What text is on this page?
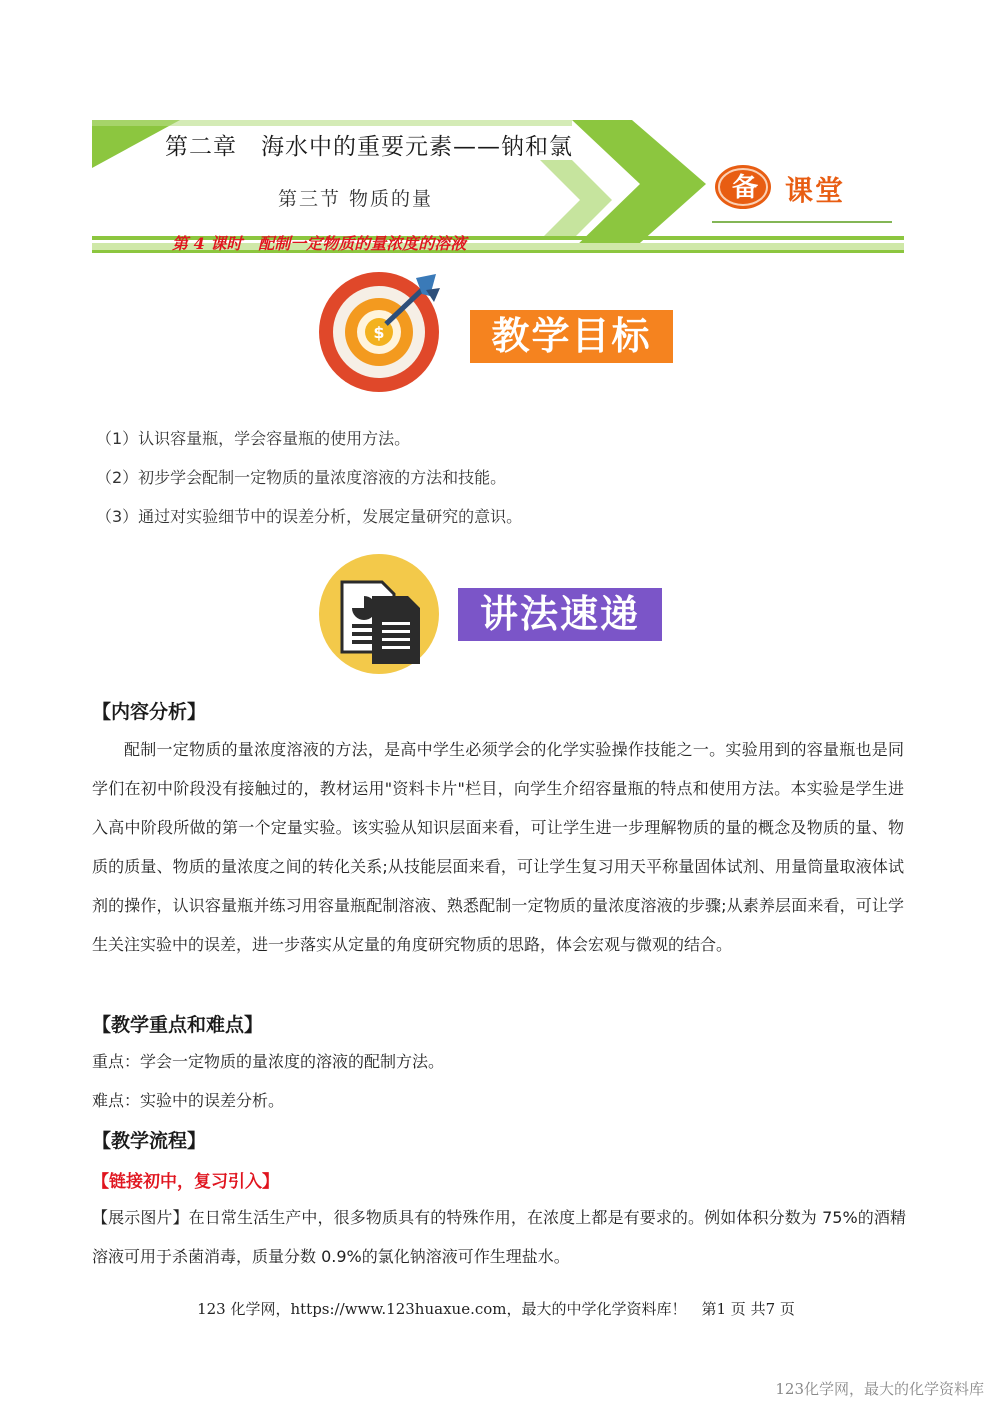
备 课堂
第二章　海水中的重要元素——钠和氯
第三节 物质的量
第 4 课时　配制一定物质的量浓度的溶液
$	教学目标
（1）认识容量瓶，学会容量瓶的使用方法。
（2）初步学会配制一定物质的量浓度溶液的方法和技能。
（3）通过对实验细节中的误差分析，发展定量研究的意识。
讲法速递
【内容分析】

配制一定物质的量浓度溶液的方法，是高中学生必须学会的化学实验操作技能之一。实验用到的容量瓶也是同学们在初中阶段没有接触过的，教材运用"资料卡片"栏目，向学生介绍容量瓶的特点和使用方法。本实验是学生进入高中阶段所做的第一个定量实验。该实验从知识层面来看，可让学生进一步理解物质的量的概念及物质的量、物质的质量、物质的量浓度之间的转化关系;从技能层面来看，可让学生复习用天平称量固体试剂、用量筒量取液体试剂的操作，认识容量瓶并练习用容量瓶配制溶液、熟悉配制一定物质的量浓度溶液的步骤;从素养层面来看，可让学生关注实验中的误差，进一步落实从定量的角度研究物质的思路，体会宏观与微观的结合。

【教学重点和难点】
重点：学会一定物质的量浓度的溶液的配制方法。
难点：实验中的误差分析。
【教学流程】
【链接初中，复习引入】

【展示图片】在日常生活生产中，很多物质具有的特殊作用，在浓度上都是有要求的。例如体积分数为 75%的酒精溶液可用于杀菌消毒，质量分数 0.9%的氯化钠溶液可作生理盐水。

123 化学网，https://www.123huaxue.com，最大的中学化学资料库！　第1 页 共7 页
123化学网，最大的化学资料库
